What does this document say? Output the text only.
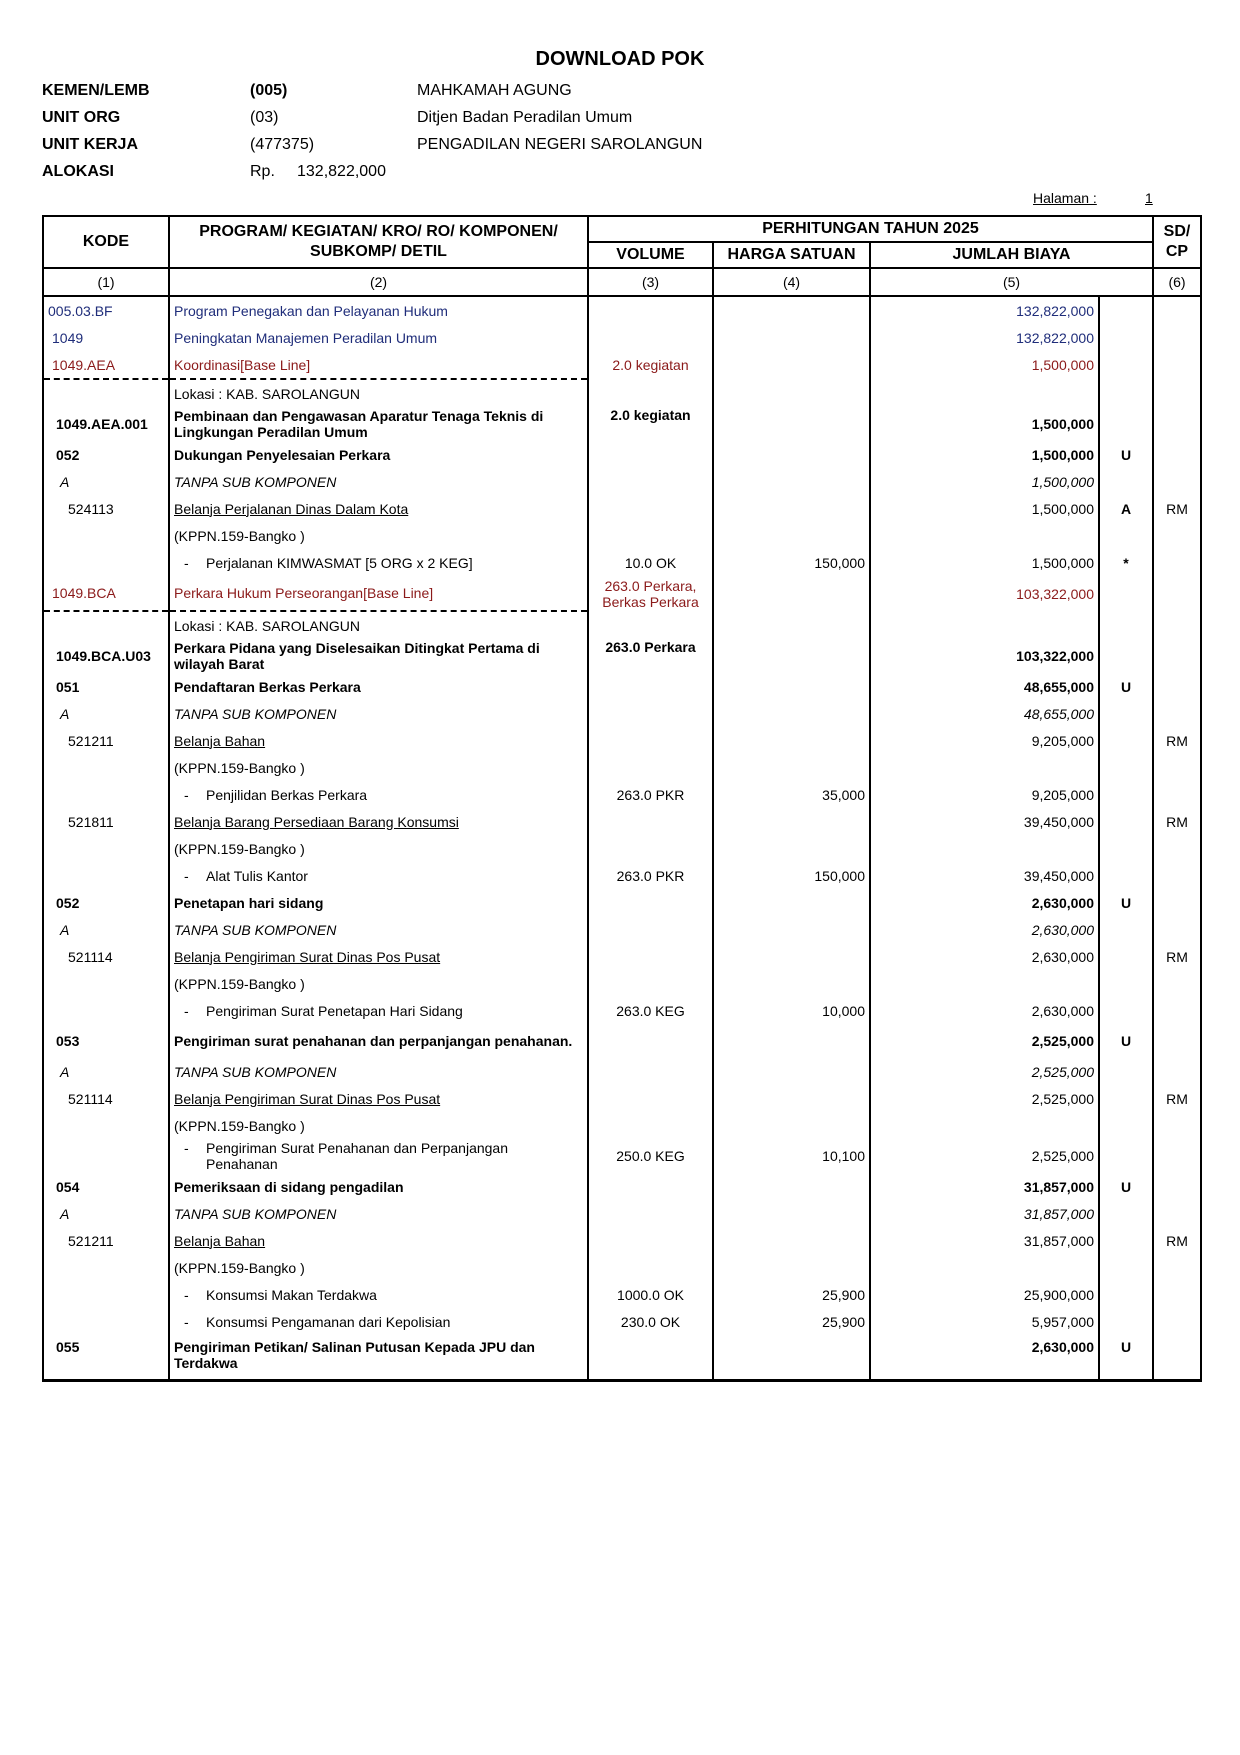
DOWNLOAD POK
KEMEN/LEMB	(005)	MAHKAMAH AGUNG
UNIT ORG	(03)	Ditjen Badan Peradilan Umum
UNIT KERJA	(477375)	PENGADILAN NEGERI SAROLANGUN
ALOKASI	Rp. 132,822,000
Halaman :	1
KODE	PROGRAM/ KEGIATAN/ KRO/ RO/ KOMPONEN/ SUBKOMP/ DETIL	PERHITUNGAN TAHUN 2025				SD/ CP
		VOLUME	HARGA SATUAN	JUMLAH BIAYA		
(1)	(2)	(3)	(4)	(5)		(6)
005.03.BF	Program Penegakan dan Pelayanan Hukum			132,822,000		
1049	Peningkatan Manajemen Peradilan Umum			132,822,000		
1049.AEA	Koordinasi[Base Line]	2.0 kegiatan		1,500,000		
	Lokasi : KAB. SAROLANGUN					
1049.AEA.001	Pembinaan dan Pengawasan Aparatur Tenaga Teknis di Lingkungan Peradilan Umum	2.0 kegiatan		1,500,000		
052	Dukungan Penyelesaian Perkara			1,500,000	U	
A	TANPA SUB KOMPONEN			1,500,000		
524113	Belanja Perjalanan Dinas Dalam Kota			1,500,000	A	RM
	(KPPN.159-Bangko )					
	- Perjalanan KIMWASMAT [5 ORG x 2 KEG]	10.0 OK	150,000	1,500,000	*	
1049.BCA	Perkara Hukum Perseorangan[Base Line]	263.0 Perkara, Berkas Perkara		103,322,000		
	Lokasi : KAB. SAROLANGUN					
1049.BCA.U03	Perkara Pidana yang Diselesaikan Ditingkat Pertama di wilayah Barat	263.0 Perkara		103,322,000		
051	Pendaftaran Berkas Perkara			48,655,000	U	
A	TANPA SUB KOMPONEN			48,655,000		
521211	Belanja Bahan			9,205,000		RM
	(KPPN.159-Bangko )					
	- Penjilidan Berkas Perkara	263.0 PKR	35,000	9,205,000		
521811	Belanja Barang Persediaan Barang Konsumsi			39,450,000		RM
	(KPPN.159-Bangko )					
	- Alat Tulis Kantor	263.0 PKR	150,000	39,450,000		
052	Penetapan hari sidang			2,630,000	U	
A	TANPA SUB KOMPONEN			2,630,000		
521114	Belanja Pengiriman Surat Dinas Pos Pusat			2,630,000		RM
	(KPPN.159-Bangko )					
	- Pengiriman Surat Penetapan Hari Sidang	263.0 KEG	10,000	2,630,000		
053	Pengiriman surat penahanan dan perpanjangan penahanan.			2,525,000	U	
A	TANPA SUB KOMPONEN			2,525,000		
521114	Belanja Pengiriman Surat Dinas Pos Pusat			2,525,000		RM
	(KPPN.159-Bangko )					
	- Pengiriman Surat Penahanan dan Perpanjangan Penahanan	250.0 KEG	10,100	2,525,000		
054	Pemeriksaan di sidang pengadilan			31,857,000	U	
A	TANPA SUB KOMPONEN			31,857,000		
521211	Belanja Bahan			31,857,000		RM
	(KPPN.159-Bangko )					
	- Konsumsi Makan Terdakwa	1000.0 OK	25,900	25,900,000		
	- Konsumsi Pengamanan dari Kepolisian	230.0 OK	25,900	5,957,000		
055	Pengiriman Petikan/ Salinan Putusan Kepada JPU dan Terdakwa			2,630,000	U	
